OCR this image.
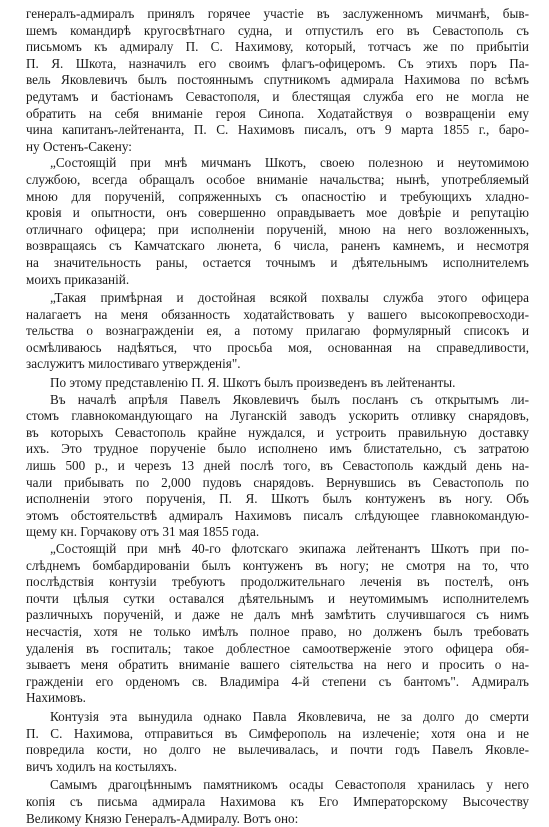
генералъ-адмиралъ принялъ горячее участіе въ заслуженномъ мичманѣ, быв-
шемъ командирѣ кругосвѣтнаго судна, и отпустилъ его въ Севастополь съ
письмомъ къ адмиралу П. С. Нахимову, который, тотчасъ же по прибытіи
П. Я. Шкота, назначилъ его своимъ флагъ-офицеромъ. Съ этихъ поръ Па-
вель Яковлевичъ былъ постояннымъ спутникомъ адмирала Нахимова по всѣмъ
редутамъ и бастіонамъ Севастополя, и блестящая служба его не могла не
обратить на себя вниманіе героя Синопа. Ходатайствуя о возвращеніи ему
чина капитанъ-лейтенанта, П. С. Нахимовъ писалъ, отъ 9 марта 1855 г., баро-
ну Остенъ-Сакену:
„Состоящій при мнѣ мичманъ Шкотъ, своею полезною и неутомимою
службою, всегда обращалъ особое вниманіе начальства; нынѣ, употребляемый
мною для порученій, сопряженныхъ съ опасностію и требующихъ хладно-
кровія и опытности, онъ совершенно оправдываетъ мое довѣріе и репутацію
отличнаго офицера; при исполненіи порученій, мною на него возложенныхъ,
возвращаясь съ Камчатскаго люнета, 6 числа, раненъ камнемъ, и несмотря
на значительность раны, остается точнымъ и дѣятельнымъ исполнителемъ
моихъ приказаній.
„Такая примѣрная и достойная всякой похвалы служба этого офицера
налагаетъ на меня обязанность ходатайствовать у вашего высокопревосходи-
тельства о вознагражденіи ея, а потому прилагаю формулярный списокъ и
осмѣливаюсь надѣяться, что просьба моя, основанная на справедливости,
заслужитъ милостиваго утвержденія".
По этому представленію П. Я. Шкотъ былъ произведенъ въ лейтенанты.
Въ началѣ апрѣля Павелъ Яковлевичъ былъ посланъ съ открытымъ ли-
стомъ главнокомандующаго на Луганскій заводъ ускорить отливку снарядовъ,
въ которыхъ Севастополь крайне нуждался, и устроить правильную доставку
ихъ. Это трудное порученіе было исполнено имъ блистательно, съ затратою
лишь 500 р., и черезъ 13 дней послѣ того, въ Севастополь каждый день на-
чали прибывать по 2,000 пудовъ снарядовъ. Вернувшись въ Севастополь по
исполненіи этого порученія, П. Я. Шкотъ былъ контуженъ въ ногу. Объ
этомъ обстоятельствѣ адмиралъ Нахимовъ писалъ слѣдующее главнокомандую-
щему кн. Горчакову отъ 31 мая 1855 года.
„Состоящій при мнѣ 40-го флотскаго экипажа лейтенантъ Шкотъ при по-
слѣднемъ бомбардированіи былъ контуженъ въ ногу; не смотря на то, что
послѣдствія контузіи требуютъ продолжительнаго леченія въ постелѣ, онъ
почти цѣлыя сутки оставался дѣятельнымъ и неутомимымъ исполнителемъ
различныхъ порученій, и даже не далъ мнѣ замѣтить случившагося съ нимъ
несчастія, хотя не только имѣлъ полное право, но долженъ былъ требовать
удаленія въ госпиталь; такое доблестное самоотверженіе этого офицера обя-
зываетъ меня обратить вниманіе вашего сіятельства на него и просить о на-
гражденіи его орденомъ св. Владиміра 4-й степени съ бантомъ". Адмиралъ
Нахимовъ.
Контузія эта вынудила однако Павла Яковлевича, не за долго до смерти
П. С. Нахимова, отправиться въ Симферополь на излеченіе; хотя она и не
повредила кости, но долго не вылечивалась, и почти годъ Павелъ Яковле-
вичъ ходилъ на костыляхъ.
Самымъ драгоцѣннымъ памятникомъ осады Севастополя хранилась у него
копія съ письма адмирала Нахимова къ Его Императорскому Высочеству
Великому Князю Генералъ-Адмиралу. Вотъ оно:
